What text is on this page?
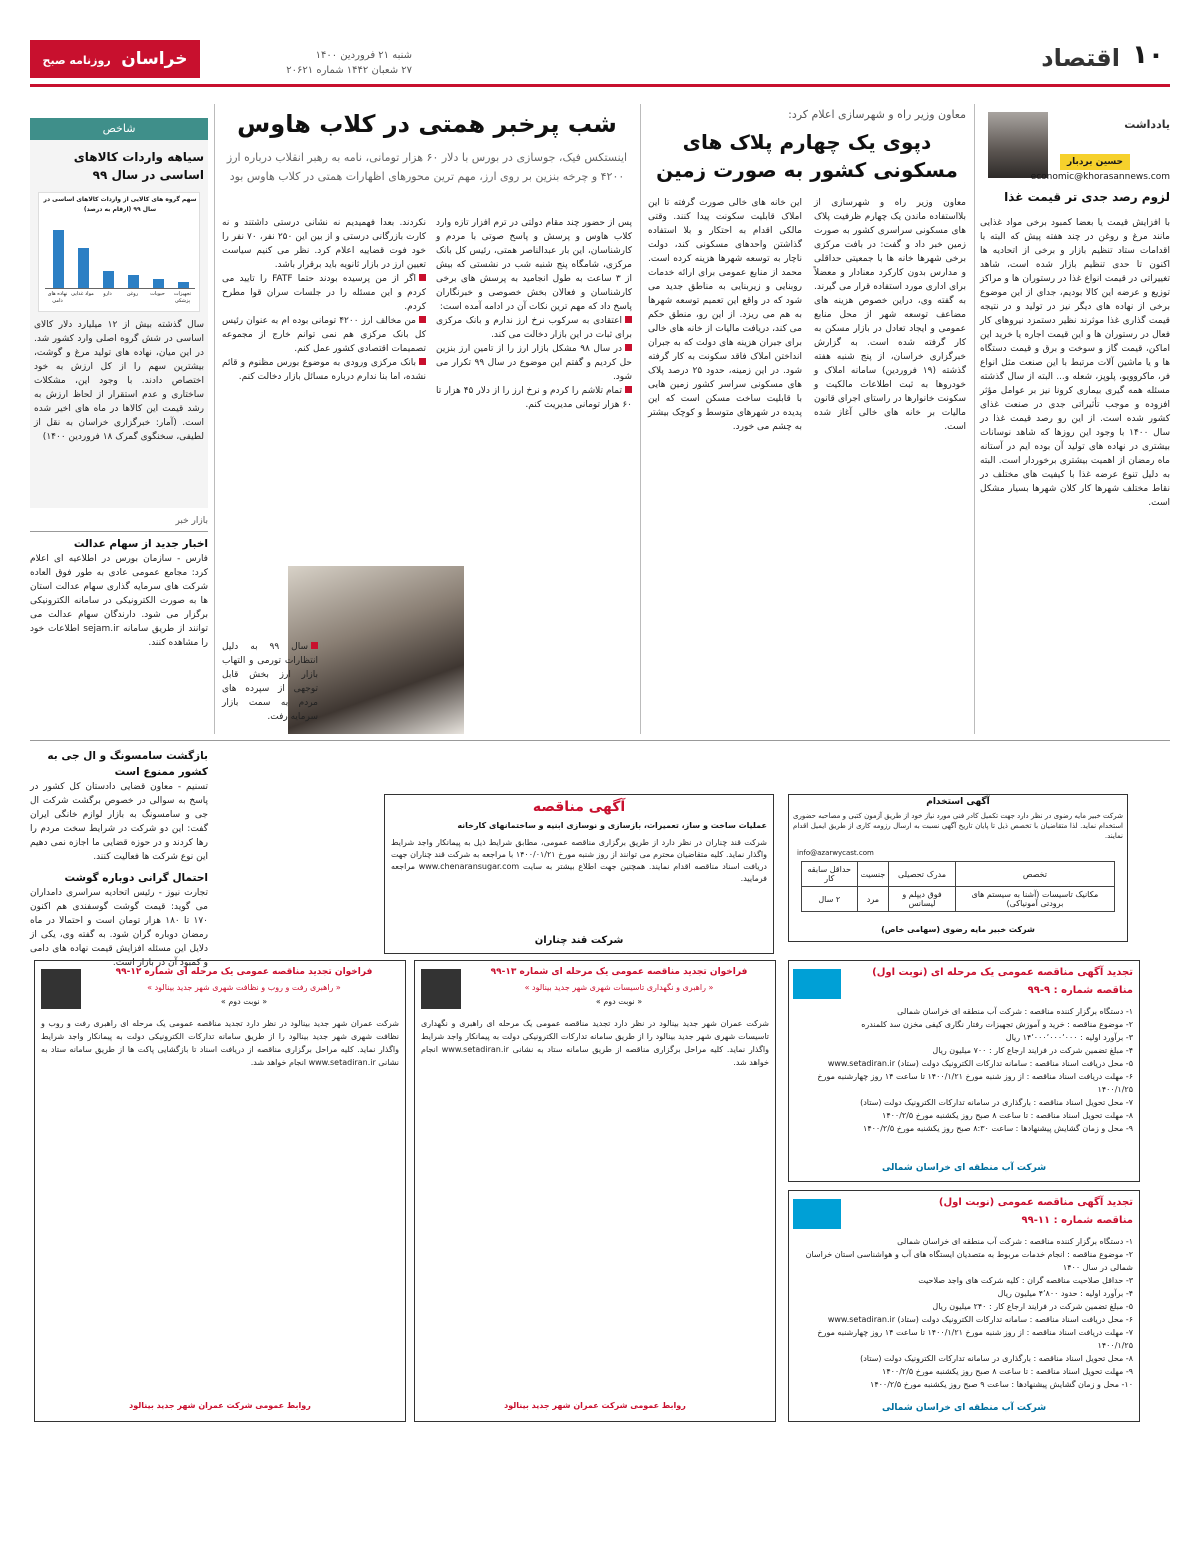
۱۰
اقتصاد
شنبه ۲۱ فروردین ۱۴۰۰
۲۷ شعبان ۱۴۴۲ شماره ۲۰۶۲۱
خراسان روزنامه صبح ایران
یادداشت
حسین بردبار
economic@khorasannews.com
لزوم رصد جدی تر قیمت غذا
با افزایش قیمت یا بعضا کمبود برخی مواد غذایی مانند مرغ و روغن در چند هفته پیش که البته با اقدامات ستاد تنظیم بازار و برخی از اتحادیه ها اکنون تا حدی تنظیم بازار شده است، شاهد تغییراتی در قیمت انواع غذا در رستوران ها و مراکز توزیع و عرضه این کالا بودیم، جدای از این موضوع برخی از نهاده های دیگر نیز در تولید و در نتیجه قیمت گذاری غذا موثرند نظیر دستمزد نیروهای کار فعال در رستوران ها و این قیمت اجاره یا خرید این اماکن، قیمت گاز و سوخت و برق و قیمت دستگاه ها و یا ماشین آلات مرتبط با این صنعت مثل انواع فر، ماکروویو، پلوپز، شعله و... البته از سال گذشته مسئله همه گیری بیماری کرونا نیز بر عوامل مؤثر افزوده و موجب تأثیراتی جدی در صنعت غذای کشور شده است. از این رو رصد قیمت غذا در سال ۱۴۰۰ با وجود این روزها که شاهد نوسانات بیشتری در نهاده های تولید آن بوده ایم در آستانه ماه رمضان از اهمیت بیشتری برخوردار است. البته به دلیل تنوع عرضه غذا با کیفیت های مختلف در نقاط مختلف شهرها کار کلان شهرها بسیار مشکل است.
معاون وزیر راه و شهرسازی اعلام کرد:
دپوی یک چهارم پلاک های مسکونی کشور به صورت زمین
معاون وزیر راه و شهرسازی از بلااستفاده ماندن یک چهارم ظرفیت پلاک های مسکونی سراسری کشور به صورت زمین خبر داد و گفت: در بافت مرکزی برخی شهرها خانه ها با جمعیتی حداقلی و مدارس بدون کارکرد معنادار و معضلاً برای اداری مورد استفاده قرار می گیرند. به گفته وی، دراین خصوص هزینه های مضاعف توسعه شهر از محل منابع عمومی و ایجاد تعادل در بازار مسکن به کار گرفته شده است. به گزارش خبرگزاری خراسان، از پنج شنبه هفته گذشته (۱۹ فروردین) سامانه املاک و خودروها به ثبت اطلاعات مالکیت و سکونت خانوارها در راستای اجرای قانون مالیات بر خانه های خالی آغاز شده است.
این خانه های خالی صورت گرفته تا این املاک قابلیت سکونت پیدا کنند. وقتی مالکی اقدام به احتکار و بلا استفاده گذاشتن واحدهای مسکونی کند، دولت ناچار به توسعه شهرها هزینه کرده است. محمد از منابع عمومی برای ارائه خدمات روبنایی و زیربنایی به مناطق جدید می شود که در واقع این تعمیم توسعه شهرها به هم می ریزد. از این رو، منطق حکم می کند، دریافت مالیات از خانه های خالی برای جبران هزینه های دولت که به جبران انداختن املاک فاقد سکونت به کار گرفته شود. در این زمینه، حدود ۲۵ درصد پلاک های مسکونی سراسر کشور زمین هایی با قابلیت ساخت مسکن است که این پدیده در شهرهای متوسط و کوچک بیشتر به چشم می خورد.
شب پرخبر همتی در کلاب هاوس
اینستکس فیک، جوسازی در بورس با دلار ۶۰ هزار تومانی، نامه به رهبر انقلاب درباره ارز ۴۲۰۰ و چرخه بنزین بر روی ارز، مهم ترین محورهای اظهارات همتی در کلاب هاوس بود
پس از حضور چند مقام دولتی در ترم افزار تازه وارد کلاب هاوس و پرسش و پاسخ صوتی با مردم و کارشناسان، این بار عبدالناصر همتی، رئیس کل بانک مرکزی، شامگاه پنج شنبه شب در نشستی که بیش از ۳ ساعت به طول انجامید به پرسش های برخی کارشناسان و فعالان بخش خصوصی و خبرنگاران پاسخ داد که مهم ترین نکات آن در ادامه آمده است:
اعتقادی به سرکوب نرخ ارز ندارم و بانک مرکزی برای ثبات در این بازار دخالت می کند.
در سال ۹۸ مشکل بازار ارز را از تامین ارز بنزین حل کردیم و گفتم این موضوع در سال ۹۹ تکرار می شود.
تمام تلاشم را کردم و نرخ ارز را از دلار ۴۵ هزار تا ۶۰ هزار تومانی مدیریت کنم.
نکردند. بعدا فهمیدیم نه نشانی درستی داشتند و نه کارت بازرگانی درستی و از بین این ۲۵۰ نفر، ۷۰ نفر را خود فوت قضاییه اعلام کرد. نظر می کنیم سیاست تعیین ارز در بازار ثانویه باید برقرار باشد.
اگر از من پرسیده بودند حتما FATF را تایید می کردم و این مسئله را در جلسات سران قوا مطرح کردم.
من مخالف ارز ۴۲۰۰ تومانی بوده ام به عنوان رئیس کل بانک مرکزی هم نمی توانم خارج از مجموعه تصمیمات اقتصادی کشور عمل کنم.
بانک مرکزی ورودی به موضوع بورس مظنوم و قائم نشده، اما بنا ندارم درباره مسائل بازار دخالت کنم.
سال ۹۹ به دلیل انتظارات تورمی و التهاب بازار ارز بخش قابل توجهی از سپرده های مردم به سمت بازار سرمایه رفت.
شاخص
سیاهه واردات کالاهای اساسی در سال ۹۹
سهم گروه های کالایی از واردات کالاهای اساسی در سال ۹۹ (ارقام به درصد)
نهاده های دامی
مواد غذایی	دارو	روغن	حبوبات	تجهیزات پزشکی
سال گذشته بیش از ۱۲ میلیارد دلار کالای اساسی در شش گروه اصلی وارد کشور شد. در این میان، نهاده های تولید مرغ و گوشت، بیشترین سهم را از کل ارزش به خود اختصاص دادند. با وجود این، مشکلات ساختاری و عدم استقرار از لحاظ ارزش به رشد قیمت این کالاها در ماه های اخیر شده است. (آمار: خبرگزاری خراسان به نقل از لطیفی، سخنگوی گمرک ۱۸ فروردین ۱۴۰۰)
بازار خبر
اخبار جدید از سهام عدالت
فارس - سازمان بورس در اطلاعیه ای اعلام کرد: مجامع عمومی عادی به طور فوق العاده شرکت های سرمایه گذاری سهام عدالت استان ها به صورت الکترونیکی در سامانه الکترونیکی برگزار می شود. دارندگان سهام عدالت می توانند از طریق سامانه sejam.ir اطلاعات خود را مشاهده کنند.
بازگشت سامسونگ و ال جی به کشور ممنوع است
تسنیم - معاون قضایی دادستان کل کشور در پاسخ به سوالی در خصوص برگشت شرکت ال جی و سامسونگ به بازار لوازم خانگی ایران گفت: این دو شرکت در شرایط سخت مردم را رها کردند و در حوزه قضایی ما اجازه نمی دهیم این نوع شرکت ها فعالیت کنند.
احتمال گرانی دوباره گوشت
تجارت نیوز - رئیس اتحادیه سراسری دامداران می گوید: قیمت گوشت گوسفندی هم اکنون ۱۷۰ تا ۱۸۰ هزار تومان است و احتمالا در ماه رمضان دوباره گران شود. به گفته وی، یکی از دلایل این مسئله افزایش قیمت نهاده های دامی و کمبود آن در بازار است.
آگهی مناقصه
عملیات ساخت و ساز، تعمیرات، بازسازی و نوسازی ابنیه و ساختمانهای کارخانه
شرکت قند چناران در نظر دارد از طریق برگزاری مناقصه عمومی، مطابق شرایط ذیل به پیمانکار واجد شرایط واگذار نماید. کلیه متقاضیان محترم می توانند از روز شنبه مورخ ۱۴۰۰/۰۱/۲۱ با مراجعه به شرکت قند چناران جهت دریافت اسناد مناقصه اقدام نمایند. همچنین جهت اطلاع بیشتر به سایت www.chenaransugar.com مراجعه فرمایید.
شرکت قند چناران
آگهی استخدام
شرکت خبیر مایه رضوی در نظر دارد جهت تکمیل کادر فنی مورد نیاز خود از طریق آزمون کتبی و مصاحبه حضوری استخدام نماید. لذا متقاضیان با تخصص ذیل تا پایان تاریخ آگهی نسبت به ارسال رزومه کاری از طریق ایمیل اقدام نمایند.
info@azarwycast.com
تخصص	مدرک تحصیلی	جنسیت	حداقل سابقه کار
مکانیک تاسیسات (آشنا به سیستم های برودتی آمونیاکی)	فوق دیپلم و لیسانس	مرد	۲ سال
شرکت خبیر مایه رضوی (سهامی خاص)
تجدید آگهی مناقصه عمومی یک مرحله ای (نوبت اول)
مناقصه شماره : ۹-۹۹
۱- دستگاه برگزار کننده مناقصه : شرکت آب منطقه ای خراسان شمالی
۲- موضوع مناقصه : خرید و آموزش تجهیزات رفتار نگاری کیفی مخزن سد کلمندره
۳- برآورد اولیه : ۱۴٬۰۰۰٬۰۰۰٬۰۰۰ ریال
۴- مبلغ تضمین شرکت در فرایند ارجاع کار : ۷۰۰ میلیون ریال
۵- محل دریافت اسناد مناقصه : سامانه تدارکات الکترونیک دولت (ستاد) www.setadiran.ir
۶- مهلت دریافت اسناد مناقصه : از روز شنبه مورخ ۱۴۰۰/۱/۲۱ تا ساعت ۱۴ روز چهارشنبه مورخ ۱۴۰۰/۱/۲۵
۷- محل تحویل اسناد مناقصه : بارگذاری در سامانه تدارکات الکترونیک دولت (ستاد)
۸- مهلت تحویل اسناد مناقصه : تا ساعت ۸ صبح روز یکشنبه مورخ ۱۴۰۰/۲/۵
۹- محل و زمان گشایش پیشنهادها : ساعت ۸:۳۰ صبح روز یکشنبه مورخ ۱۴۰۰/۲/۵
شرکت آب منطقه ای خراسان شمالی
تجدید آگهی مناقصه عمومی (نوبت اول)
مناقصه شماره : ۱۱-۹۹
۱- دستگاه برگزار کننده مناقصه : شرکت آب منطقه ای خراسان شمالی
۲- موضوع مناقصه : انجام خدمات مربوط به متصدیان ایستگاه های آب و هواشناسی استان خراسان شمالی در سال ۱۴۰۰
۳- حداقل صلاحیت مناقصه گران : کلیه شرکت های واجد صلاحیت
۴- برآورد اولیه : حدود ۴٬۸۰۰ میلیون ریال
۵- مبلغ تضمین شرکت در فرایند ارجاع کار : ۲۴۰ میلیون ریال
۶- محل دریافت اسناد مناقصه : سامانه تدارکات الکترونیک دولت (ستاد) www.setadiran.ir
۷- مهلت دریافت اسناد مناقصه : از روز شنبه مورخ ۱۴۰۰/۱/۲۱ تا ساعت ۱۴ روز چهارشنبه مورخ ۱۴۰۰/۱/۲۵
۸- محل تحویل اسناد مناقصه : بارگذاری در سامانه تدارکات الکترونیک دولت (ستاد)
۹- مهلت تحویل اسناد مناقصه : تا ساعت ۸ صبح روز یکشنبه مورخ ۱۴۰۰/۲/۵
۱۰- محل و زمان گشایش پیشنهادها : ساعت ۹ صبح روز یکشنبه مورخ ۱۴۰۰/۲/۵
شرکت آب منطقه ای خراسان شمالی
فراخوان تجدید مناقصه عمومی یک مرحله ای شماره ۱۳-۹۹
« راهبری و نگهداری تاسیسات شهری شهر جدید بینالود »
« نوبت دوم »
شرکت عمران شهر جدید بینالود در نظر دارد تجدید مناقصه عمومی یک مرحله ای راهبری و نگهداری تاسیسات شهری شهر جدید بینالود را از طریق سامانه تدارکات الکترونیکی دولت به پیمانکار واجد شرایط واگذار نماید. کلیه مراحل برگزاری مناقصه از طریق سامانه ستاد به نشانی www.setadiran.ir انجام خواهد شد.
روابط عمومی شرکت عمران شهر جدید بینالود
فراخوان تجدید مناقصه عمومی یک مرحله ای شماره ۱۲-۹۹
« راهبری رفت و روب و نظافت شهری شهر جدید بینالود »
« نوبت دوم »
شرکت عمران شهر جدید بینالود در نظر دارد تجدید مناقصه عمومی یک مرحله ای راهبری رفت و روب و نظافت شهری شهر جدید بینالود را از طریق سامانه تدارکات الکترونیکی دولت به پیمانکار واجد شرایط واگذار نماید. کلیه مراحل برگزاری مناقصه از دریافت اسناد تا بازگشایی پاکت ها از طریق سامانه ستاد به نشانی www.setadiran.ir انجام خواهد شد.
روابط عمومی شرکت عمران شهر جدید بینالود
